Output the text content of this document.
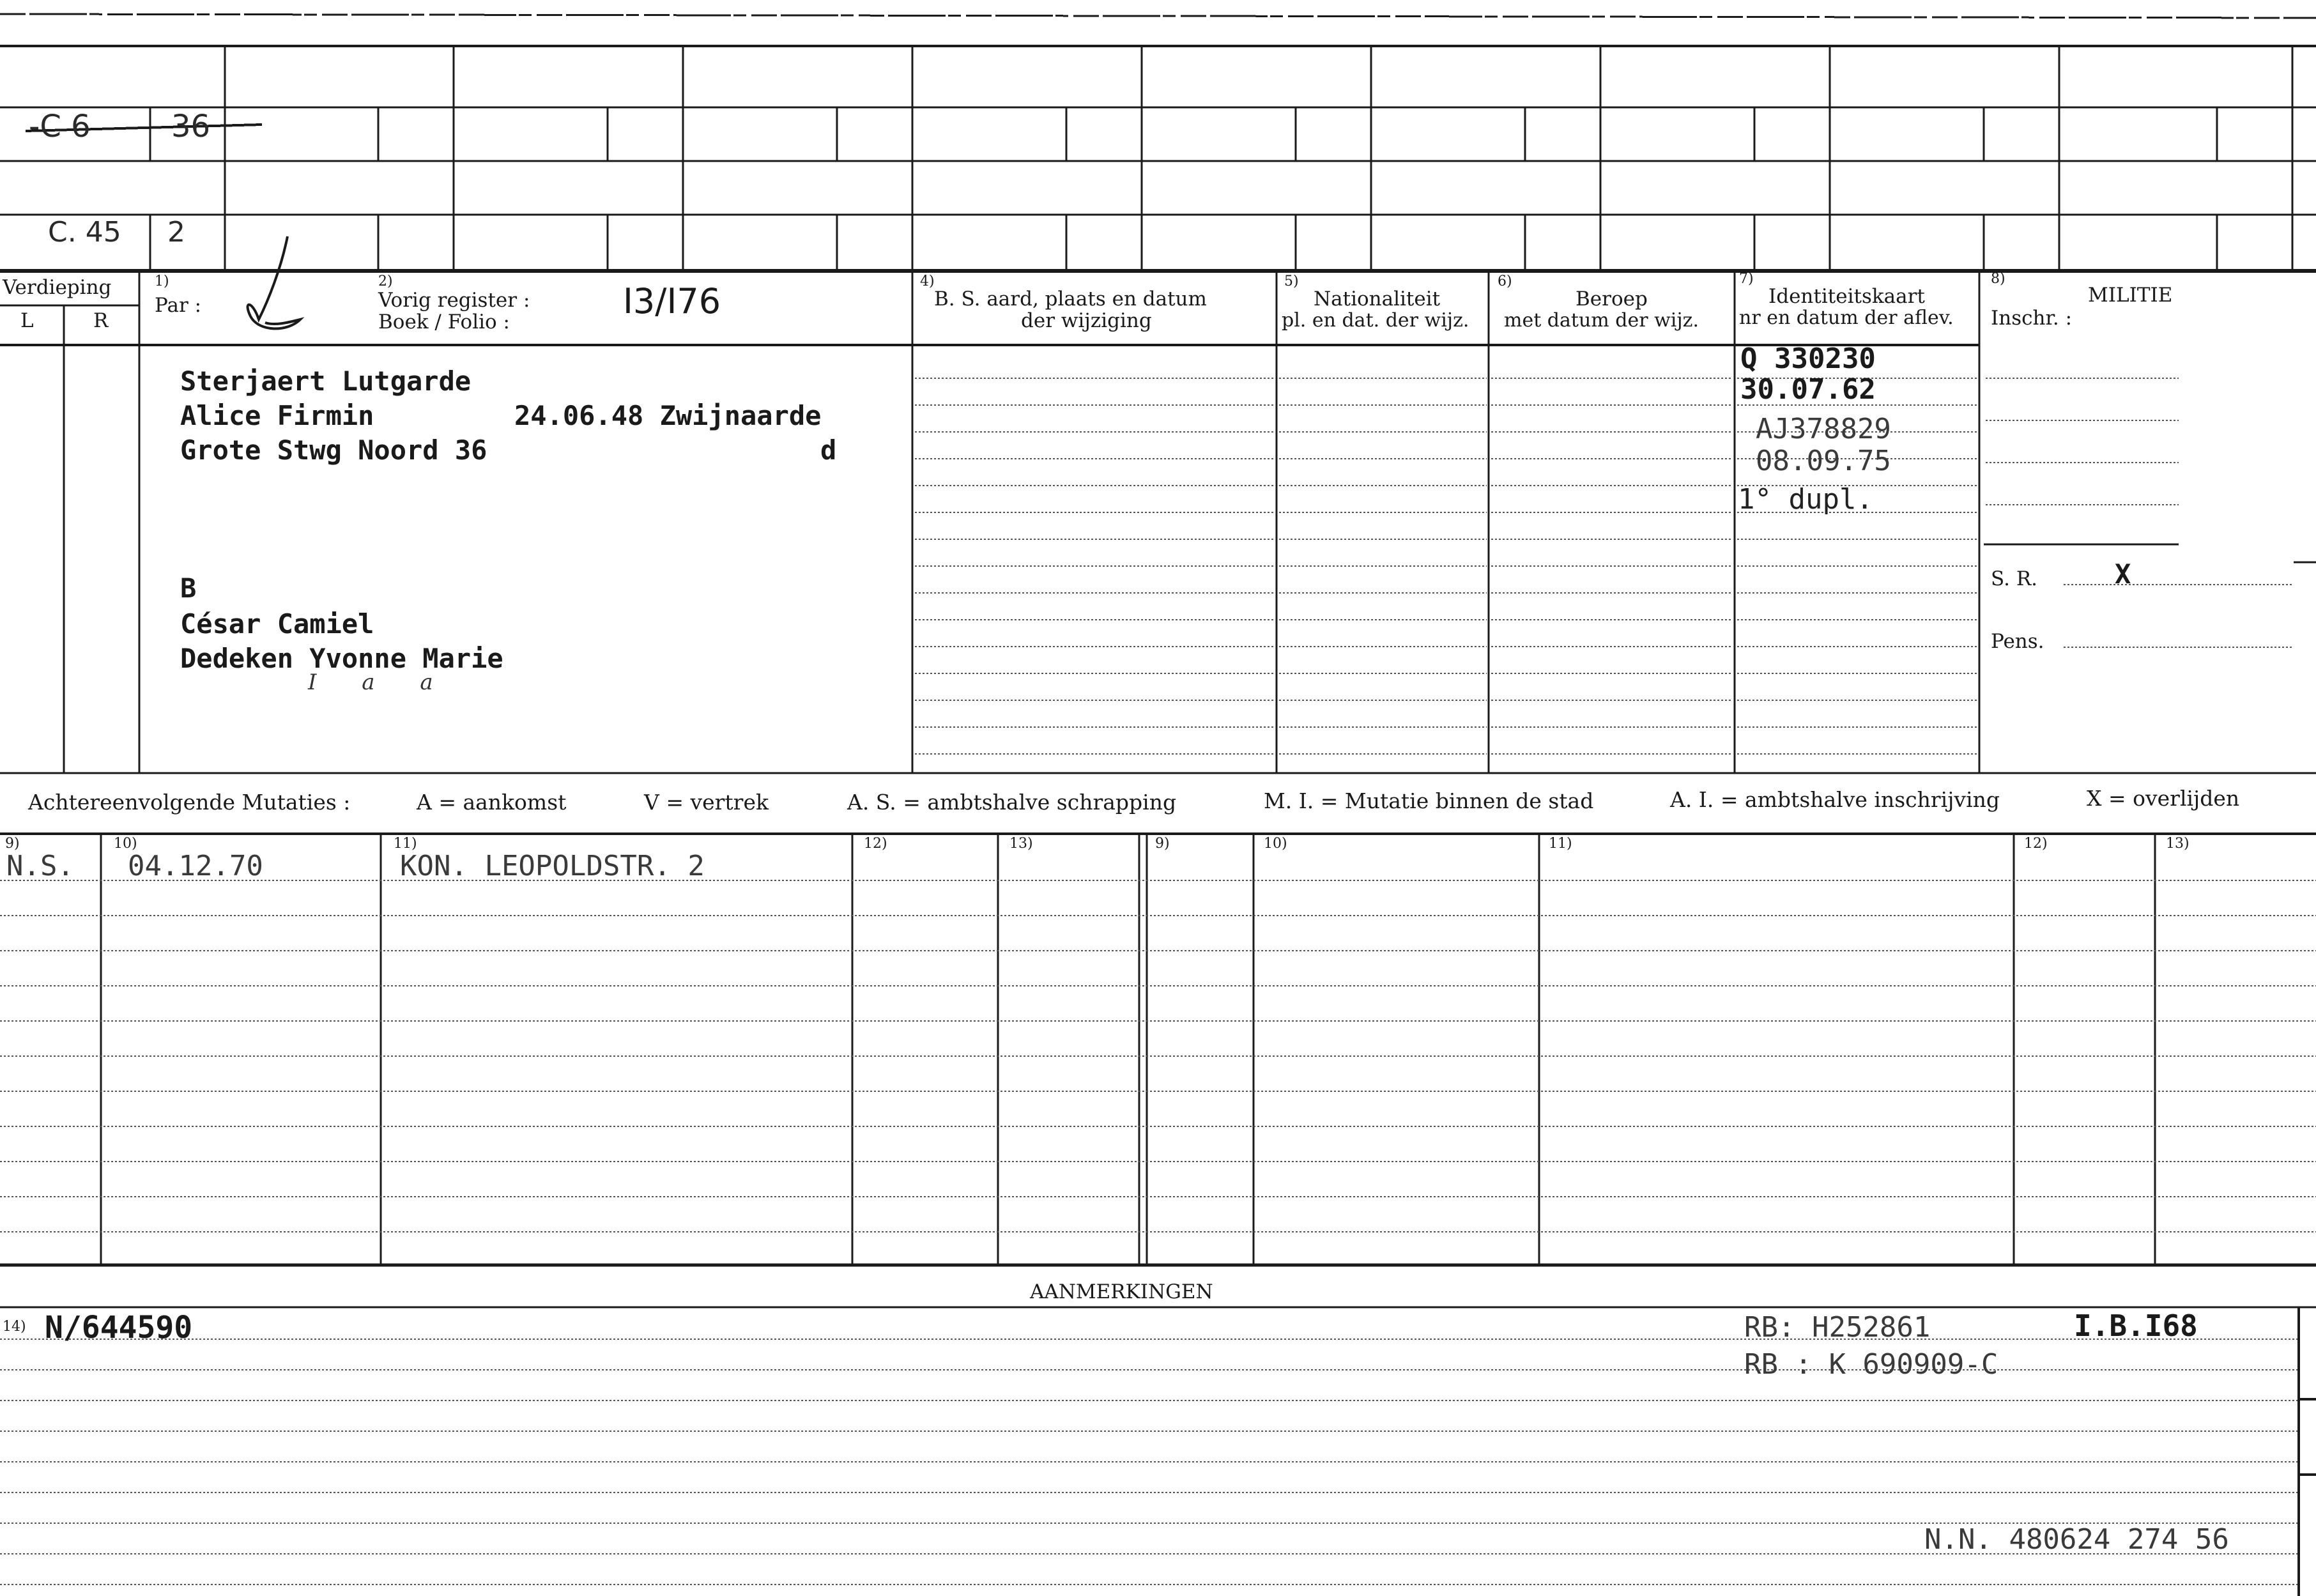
-C 6	36
C. 45 2
Verdieping
L	R
1)
Par :
2)
Vorig register :
Boek / Folio :
I3/I76	4)
B. S. aard, plaats en datum
der wijziging
5)
Nationaliteit
pl. en dat. der wijz.
6)
Beroep
met datum der wijz.
7)
Identiteitskaart
nr en datum der aflev.
8)
MILITIE
Inschr. :
Sterjaert Lutgarde
Alice Firmin	24.06.48 Zwijnaarde
Grote Stwg Noord 36	d
B
César Camiel
Dedeken Yvonne Marie
I a a
Q 330230
30.07.62
AJ378829
08.09.75
1° dupl.
S. R.	X
Pens.
Achtereenvolgende Mutaties :	A = aankomst	V = vertrek	A. S. = ambtshalve schrapping	M. I. = Mutatie binnen de stad	A. I. = ambtshalve inschrijving	X = overlijden
9)	10)	11)	12)	13)	9)	10)	11)	12)	13)
N.S. 04.12.70	KON. LEOPOLDSTR. 2
AANMERKINGEN
14) N/644590	RB: H252861	I.B.I68
RB : K 690909-C
N.N. 480624 274 56
